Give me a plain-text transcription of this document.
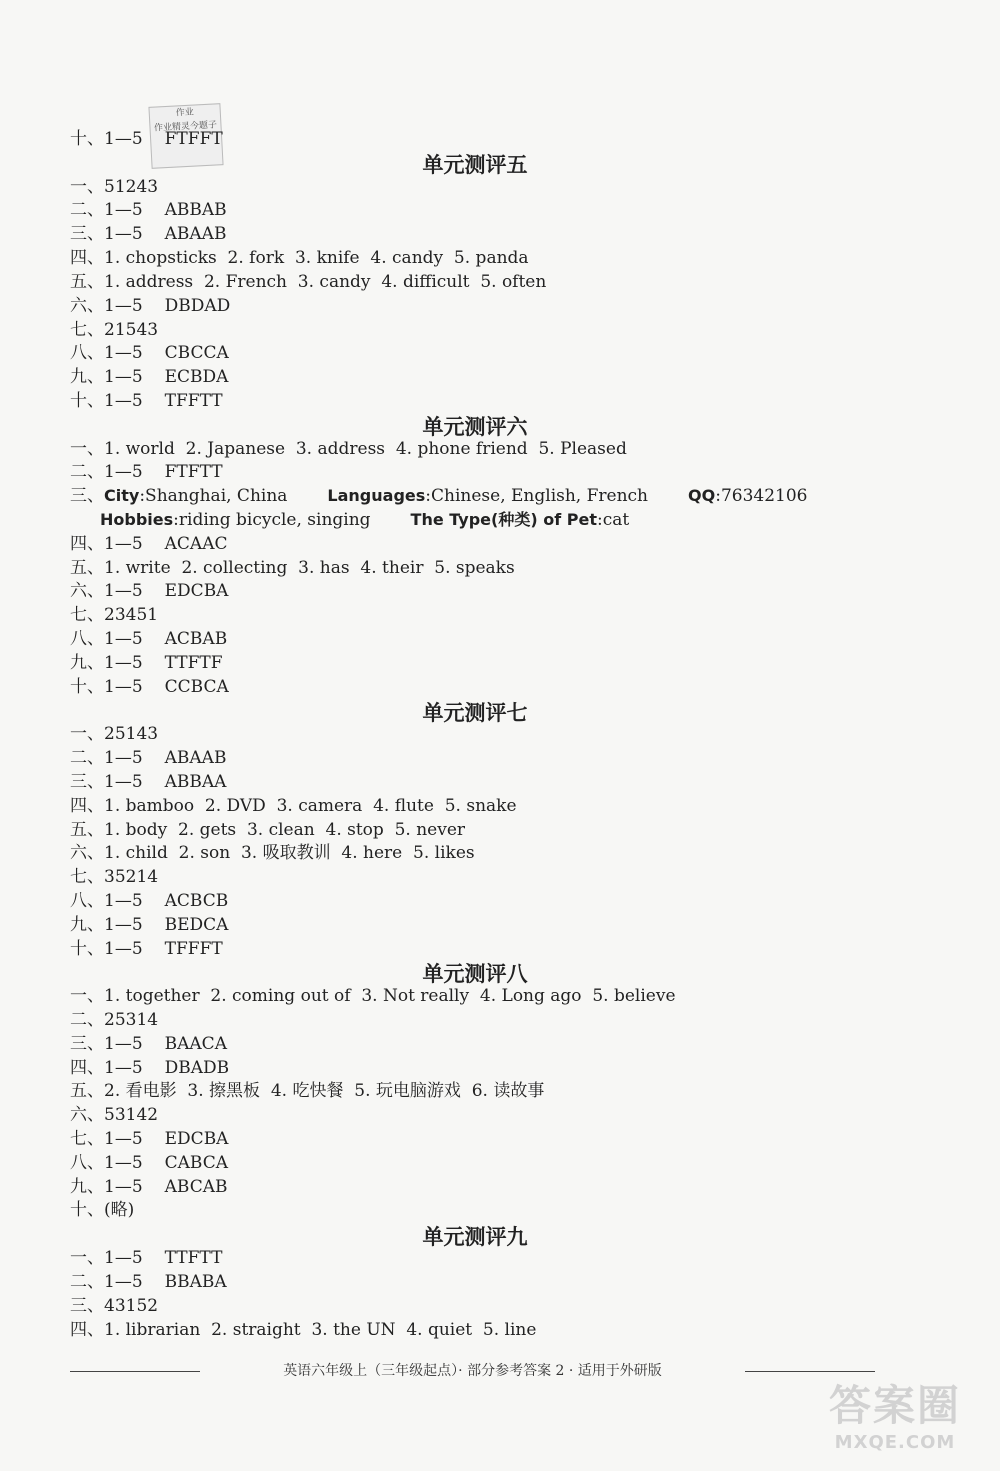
作业
作业精灵今题子
十、1—5 FTFFT
单元测评五
一、51243
二、1—5 ABBAB
三、1—5 ABAAB
四、1. chopsticks  2. fork  3. knife  4. candy  5. panda
五、1. address  2. French  3. candy  4. difficult  5. often
六、1—5 DBDAD
七、21543
八、1—5 CBCCA
九、1—5 ECBDA
十、1—5 TFFTT
单元测评六
一、1. world  2. Japanese  3. address  4. phone friend  5. Pleased
二、1—5 FTFTT
三、City:Shanghai, China	Languages:Chinese, English, French	QQ:76342106
Hobbies:riding bicycle, singing	The Type(种类) of Pet:cat
四、1—5 ACAAC
五、1. write  2. collecting  3. has  4. their  5. speaks
六、1—5 EDCBA
七、23451
八、1—5 ACBAB
九、1—5 TTFTF
十、1—5 CCBCA
单元测评七
一、25143
二、1—5 ABAAB
三、1—5 ABBAA
四、1. bamboo  2. DVD  3. camera  4. flute  5. snake
五、1. body  2. gets  3. clean  4. stop  5. never
六、1. child  2. son  3. 吸取教训  4. here  5. likes
七、35214
八、1—5 ACBCB
九、1—5 BEDCA
十、1—5 TFFFT
单元测评八
一、1. together  2. coming out of  3. Not really  4. Long ago  5. believe
二、25314
三、1—5 BAACA
四、1—5 DBADB
五、2. 看电影  3. 擦黑板  4. 吃快餐  5. 玩电脑游戏  6. 读故事
六、53142
七、1—5 EDCBA
八、1—5 CABCA
九、1—5 ABCAB
十、(略)
单元测评九
一、1—5 TTFTT
二、1—5 BBABA
三、43152
四、1. librarian  2. straight  3. the UN  4. quiet  5. line
英语六年级上（三年级起点）· 部分参考答案 2 · 适用于外研版
答案圈
MXQE.COM
